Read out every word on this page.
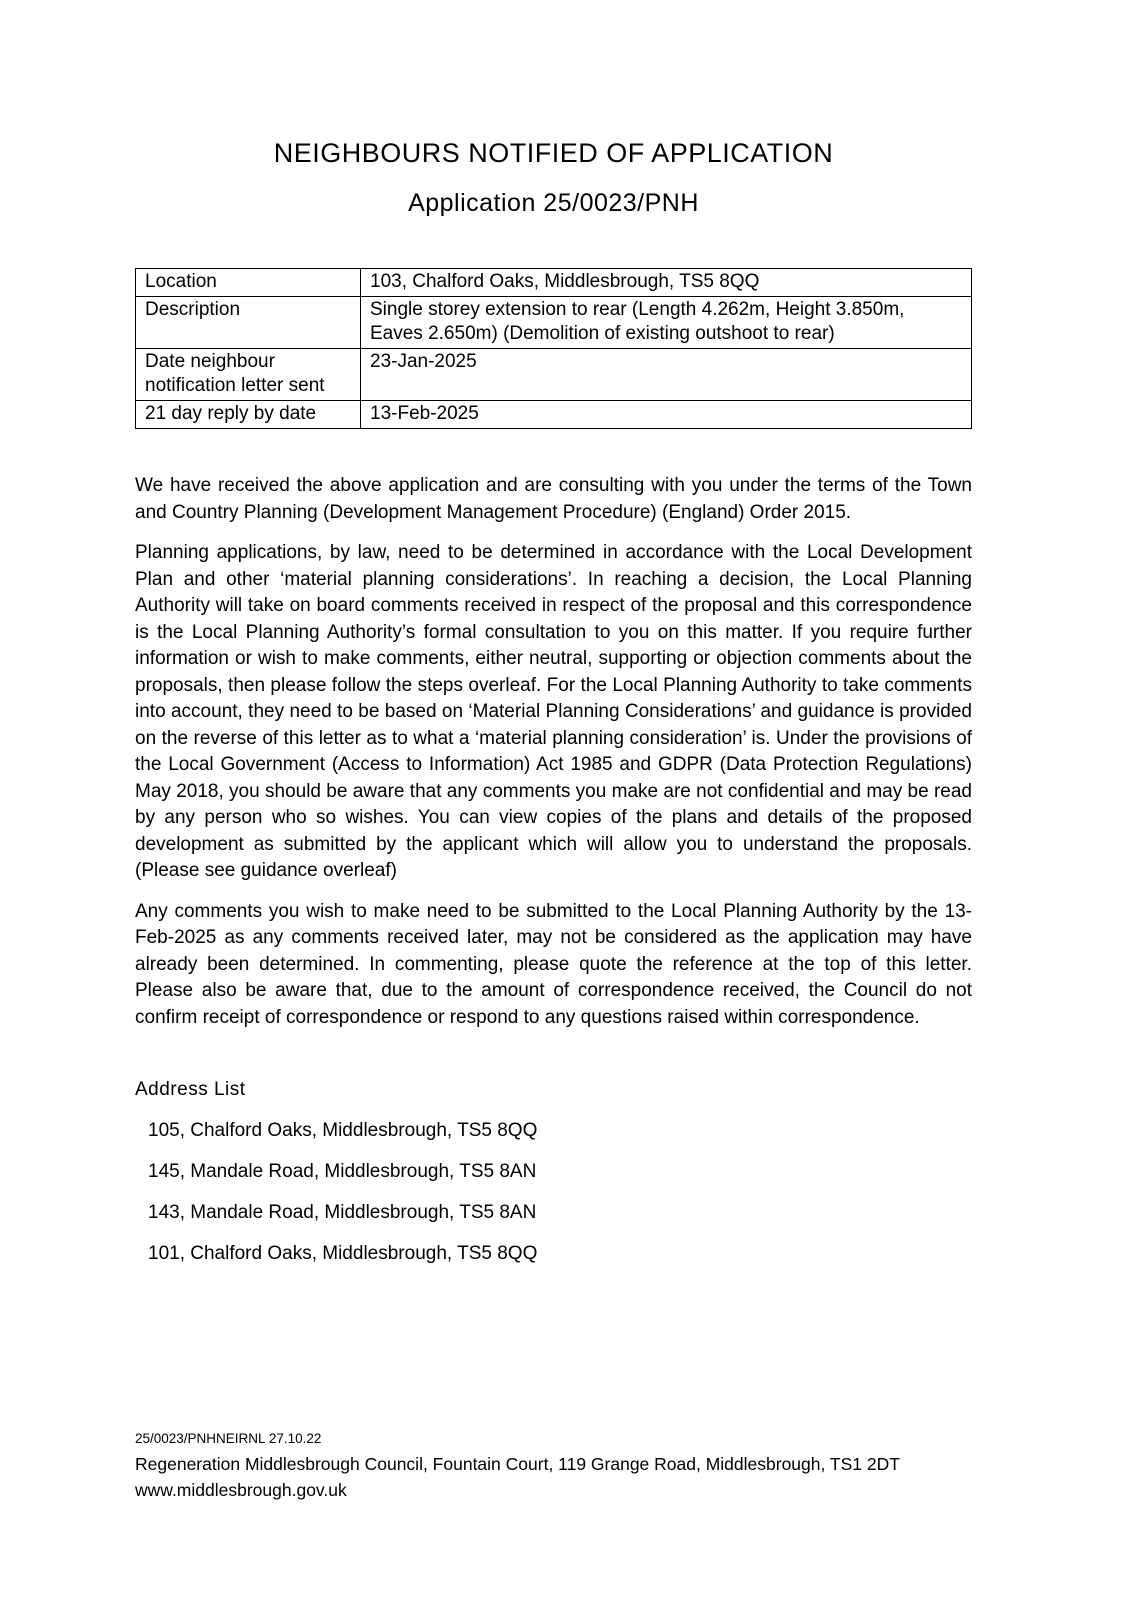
NEIGHBOURS NOTIFIED OF APPLICATION
Application 25/0023/PNH
Location	103, Chalford Oaks, Middlesbrough, TS5 8QQ
Description	Single storey extension to rear (Length 4.262m, Height 3.850m, Eaves 2.650m) (Demolition of existing outshoot to rear)
Date neighbour notification letter sent	23-Jan-2025
21 day reply by date	13-Feb-2025

We have received the above application and are consulting with you under the terms of the Town and Country Planning (Development Management Procedure) (England) Order 2015.

Planning applications, by law, need to be determined in accordance with the Local Development Plan and other ‘material planning considerations’. In reaching a decision, the Local Planning Authority will take on board comments received in respect of the proposal and this correspondence is the Local Planning Authority’s formal consultation to you on this matter. If you require further information or wish to make comments, either neutral, supporting or objection comments about the proposals, then please follow the steps overleaf. For the Local Planning Authority to take comments into account, they need to be based on ‘Material Planning Considerations’ and guidance is provided on the reverse of this letter as to what a ‘material planning consideration’ is. Under the provisions of the Local Government (Access to Information) Act 1985 and GDPR (Data Protection Regulations) May 2018, you should be aware that any comments you make are not confidential and may be read by any person who so wishes. You can view copies of the plans and details of the proposed development as submitted by the applicant which will allow you to understand the proposals. (Please see guidance overleaf)

Any comments you wish to make need to be submitted to the Local Planning Authority by the 13-Feb-2025 as any comments received later, may not be considered as the application may have already been determined. In commenting, please quote the reference at the top of this letter. Please also be aware that, due to the amount of correspondence received, the Council do not confirm receipt of correspondence or respond to any questions raised within correspondence.

Address List
105, Chalford Oaks, Middlesbrough, TS5 8QQ
145, Mandale Road, Middlesbrough, TS5 8AN
143, Mandale Road, Middlesbrough, TS5 8AN
101, Chalford Oaks, Middlesbrough, TS5 8QQ
25/0023/PNHNEIRNL 27.10.22
Regeneration Middlesbrough Council, Fountain Court, 119 Grange Road, Middlesbrough, TS1 2DT
www.middlesbrough.gov.uk
